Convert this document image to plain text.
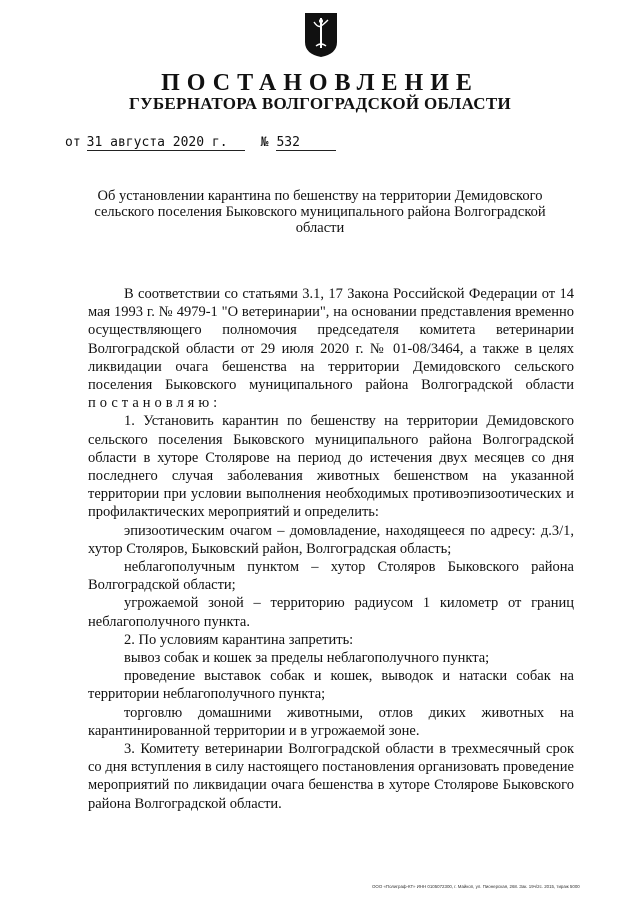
ПОСТАНОВЛЕНИЕ
ГУБЕРНАТОРА ВОЛГОГРАДСКОЙ ОБЛАСТИ
от 31 августа 2020 г.	№ 532
Об установлении карантина по бешенству на территории Демидовского сельского поселения Быковского муниципального района Волгоградской области

В соответствии со статьями 3.1, 17 Закона Российской Федерации от 14 мая 1993 г. № 4979-1 "О ветеринарии", на основании представления временно осуществляющего полномочия председателя комитета ветеринарии Волгоградской области от 29 июля 2020 г. № 01-08/3464, а также в целях ликвидации очага бешенства на территории Демидовского сельского поселения Быковского муниципального района Волгоградской области постановляю:

1. Установить карантин по бешенству на территории Демидовского сельского поселения Быковского муниципального района Волгоградской области в хуторе Столярове на период до истечения двух месяцев со дня последнего случая заболевания животных бешенством на указанной территории при условии выполнения необходимых противоэпизоотических и профилактических мероприятий и определить:

эпизоотическим очагом – домовладение, находящееся по адресу: д.3/1, хутор Столяров, Быковский район, Волгоградская область;

неблагополучным пунктом – хутор Столяров Быковского района Волгоградской области;

угрожаемой зоной – территорию радиусом 1 километр от границ неблагополучного пункта.

2. По условиям карантина запретить:

вывоз собак и кошек за пределы неблагополучного пункта;

проведение выставок собак и кошек, выводок и натаски собак на территории неблагополучного пункта;

торговлю домашними животными, отлов диких животных на карантинированной территории и в угрожаемой зоне.

3. Комитету ветеринарии Волгоградской области в трехмесячный срок со дня вступления в силу настоящего постановления организовать проведение мероприятий по ликвидации очага бешенства в хуторе Столярове Быковского района Волгоградской области.

ООО «Полиграф-КТ» ИНН 0105072300, г. Майкоп, ул. Пионерская, 268. Зак. 19ч/2с. 2015, тираж 5000
